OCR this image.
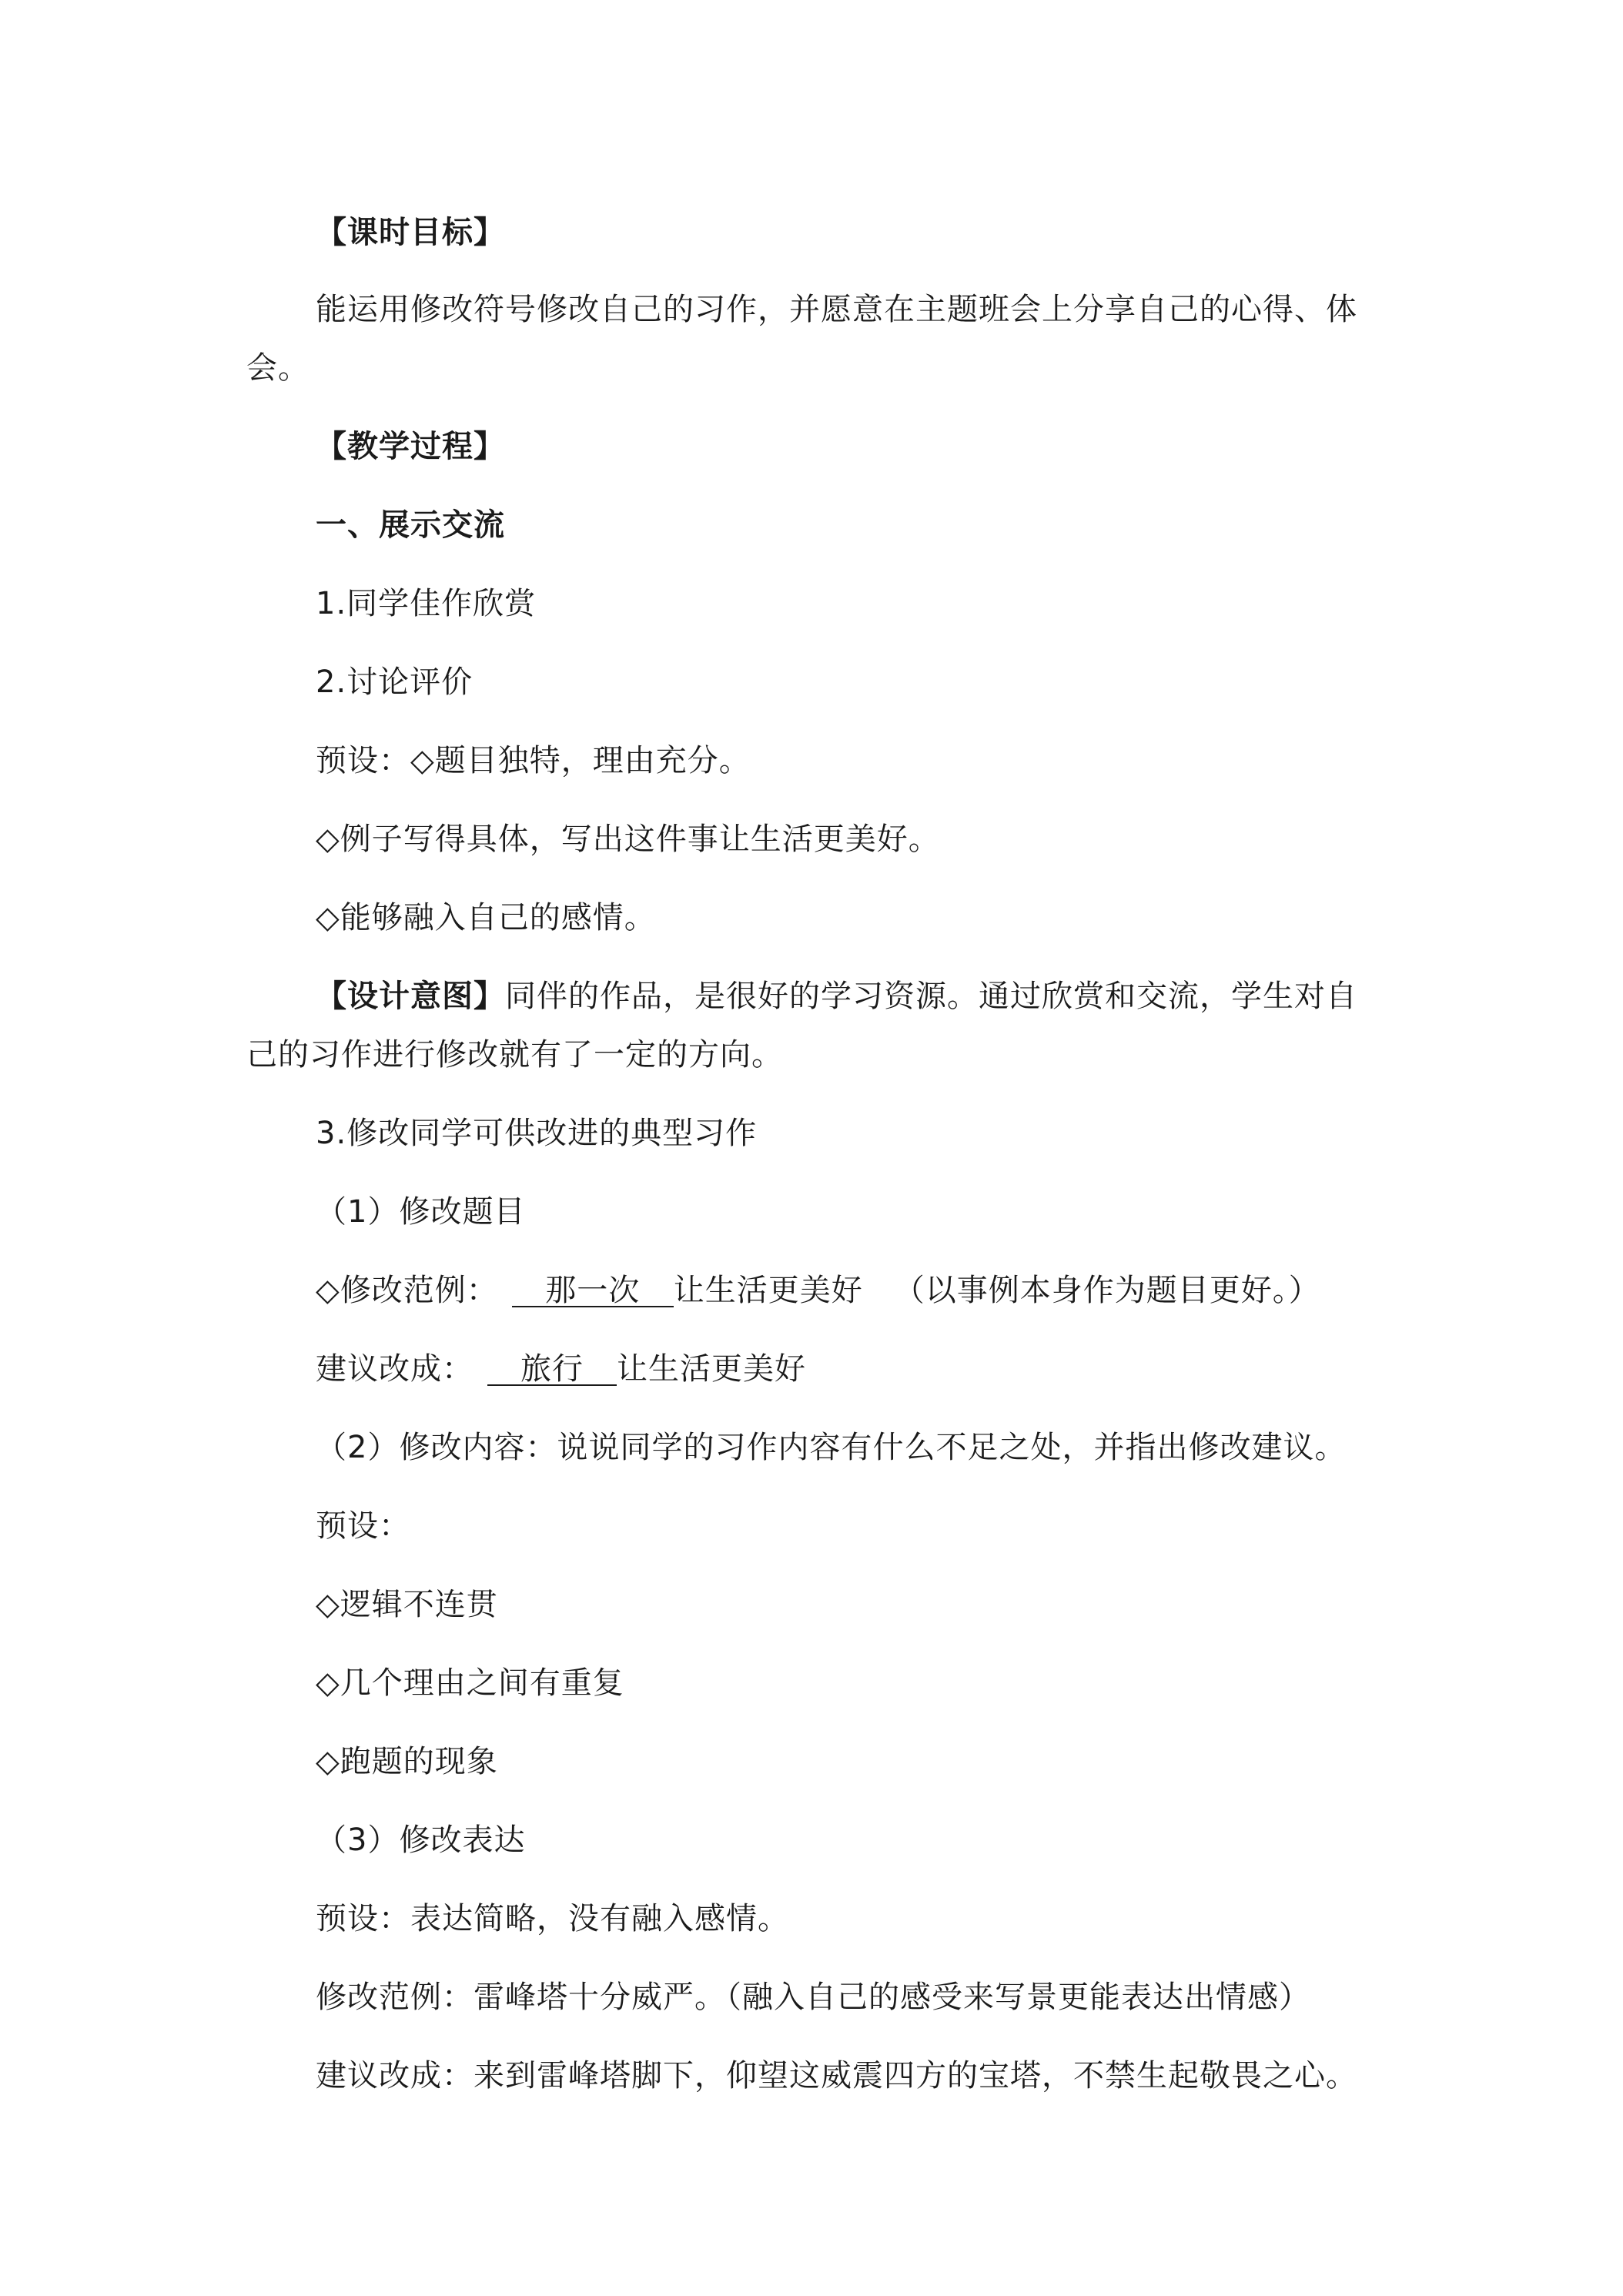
【课时目标】
能运用修改符号修改自己的习作，并愿意在主题班会上分享自己的心得、体
会。
【教学过程】
一、展示交流
1.同学佳作欣赏
2.讨论评价
预设：◇题目独特，理由充分。
◇例子写得具体，写出这件事让生活更美好。
◇能够融入自己的感情。
【设计意图】同伴的作品，是很好的学习资源。通过欣赏和交流，学生对自
己的习作进行修改就有了一定的方向。
3.修改同学可供改进的典型习作
（1）修改题目
◇修改范例： 那一次 让生活更美好 （以事例本身作为题目更好。）
建议改成： 旅行 让生活更美好
（2）修改内容：说说同学的习作内容有什么不足之处，并指出修改建议。
预设：
◇逻辑不连贯
◇几个理由之间有重复
◇跑题的现象
（3）修改表达
预设：表达简略，没有融入感情。
修改范例：雷峰塔十分威严。（融入自己的感受来写景更能表达出情感）
建议改成：来到雷峰塔脚下，仰望这威震四方的宝塔，不禁生起敬畏之心。
